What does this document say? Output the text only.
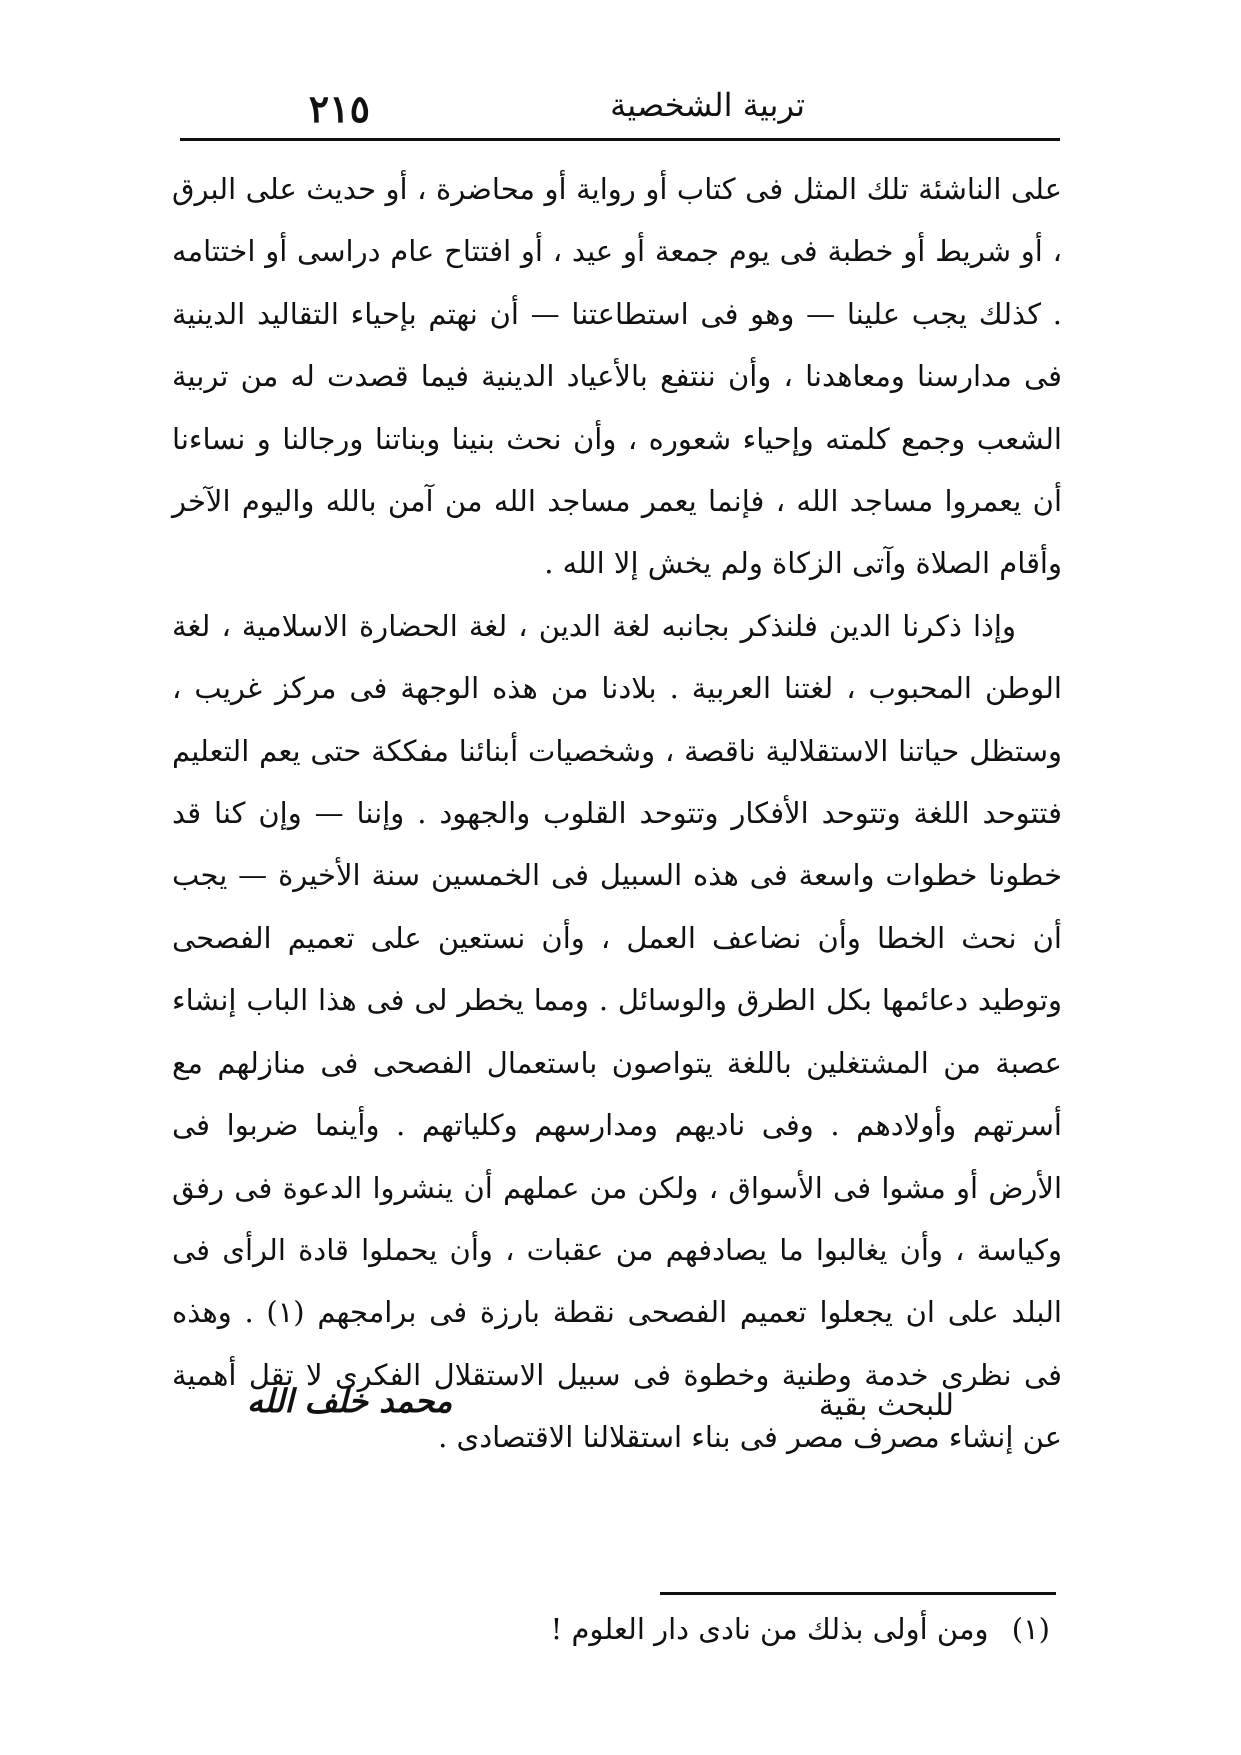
٢١٥	تربية الشخصية

على الناشئة تلك المثل فى كتاب أو رواية أو محاضرة ، أو حديث على البرق ، أو شريط أو خطبة فى يوم جمعة أو عيد ، أو افتتاح عام دراسى أو اختتامه . كذلك يجب علينا — وهو فى استطاعتنا — أن نهتم بإحياء التقاليد الدينية فى مدارسنا ومعاهدنا ، وأن ننتفع بالأعياد الدينية فيما قصدت له من تربية الشعب وجمع كلمته وإحياء شعوره ، وأن نحث بنينا وبناتنا ورجالنا و نساءنا أن يعمروا مساجد الله ، فإنما يعمر مساجد الله من آمن بالله واليوم الآخر وأقام الصلاة وآتى الزكاة ولم يخش إلا الله .

وإذا ذكرنا الدين فلنذكر بجانبه لغة الدين ، لغة الحضارة الاسلامية ، لغة الوطن المحبوب ، لغتنا العربية . بلادنا من هذه الوجهة فى مركز غريب ، وستظل حياتنا الاستقلالية ناقصة ، وشخصيات أبنائنا مفككة حتى يعم التعليم فتتوحد اللغة وتتوحد الأفكار وتتوحد القلوب والجهود . وإننا — وإن كنا قد خطونا خطوات واسعة فى هذه السبيل فى الخمسين سنة الأخيرة — يجب أن نحث الخطا وأن نضاعف العمل ، وأن نستعين على تعميم الفصحى وتوطيد دعائمها بكل الطرق والوسائل . ومما يخطر لى فى هذا الباب إنشاء عصبة من المشتغلين باللغة يتواصون باستعمال الفصحى فى منازلهم مع أسرتهم وأولادهم . وفى ناديهم ومدارسهم وكلياتهم . وأينما ضربوا فى الأرض أو مشوا فى الأسواق ، ولكن من عملهم أن ينشروا الدعوة فى رفق وكياسة ، وأن يغالبوا ما يصادفهم من عقبات ، وأن يحملوا قادة الرأى فى البلد على ان يجعلوا تعميم الفصحى نقطة بارزة فى برامجهم (١) . وهذه فى نظرى خدمة وطنية وخطوة فى سبيل الاستقلال الفكرى لا تقل أهمية عن إنشاء مصرف مصر فى بناء استقلالنا الاقتصادى .

للبحث بقية
محمد خلف الله
(١) ومن أولى بذلك من نادى دار العلوم !
